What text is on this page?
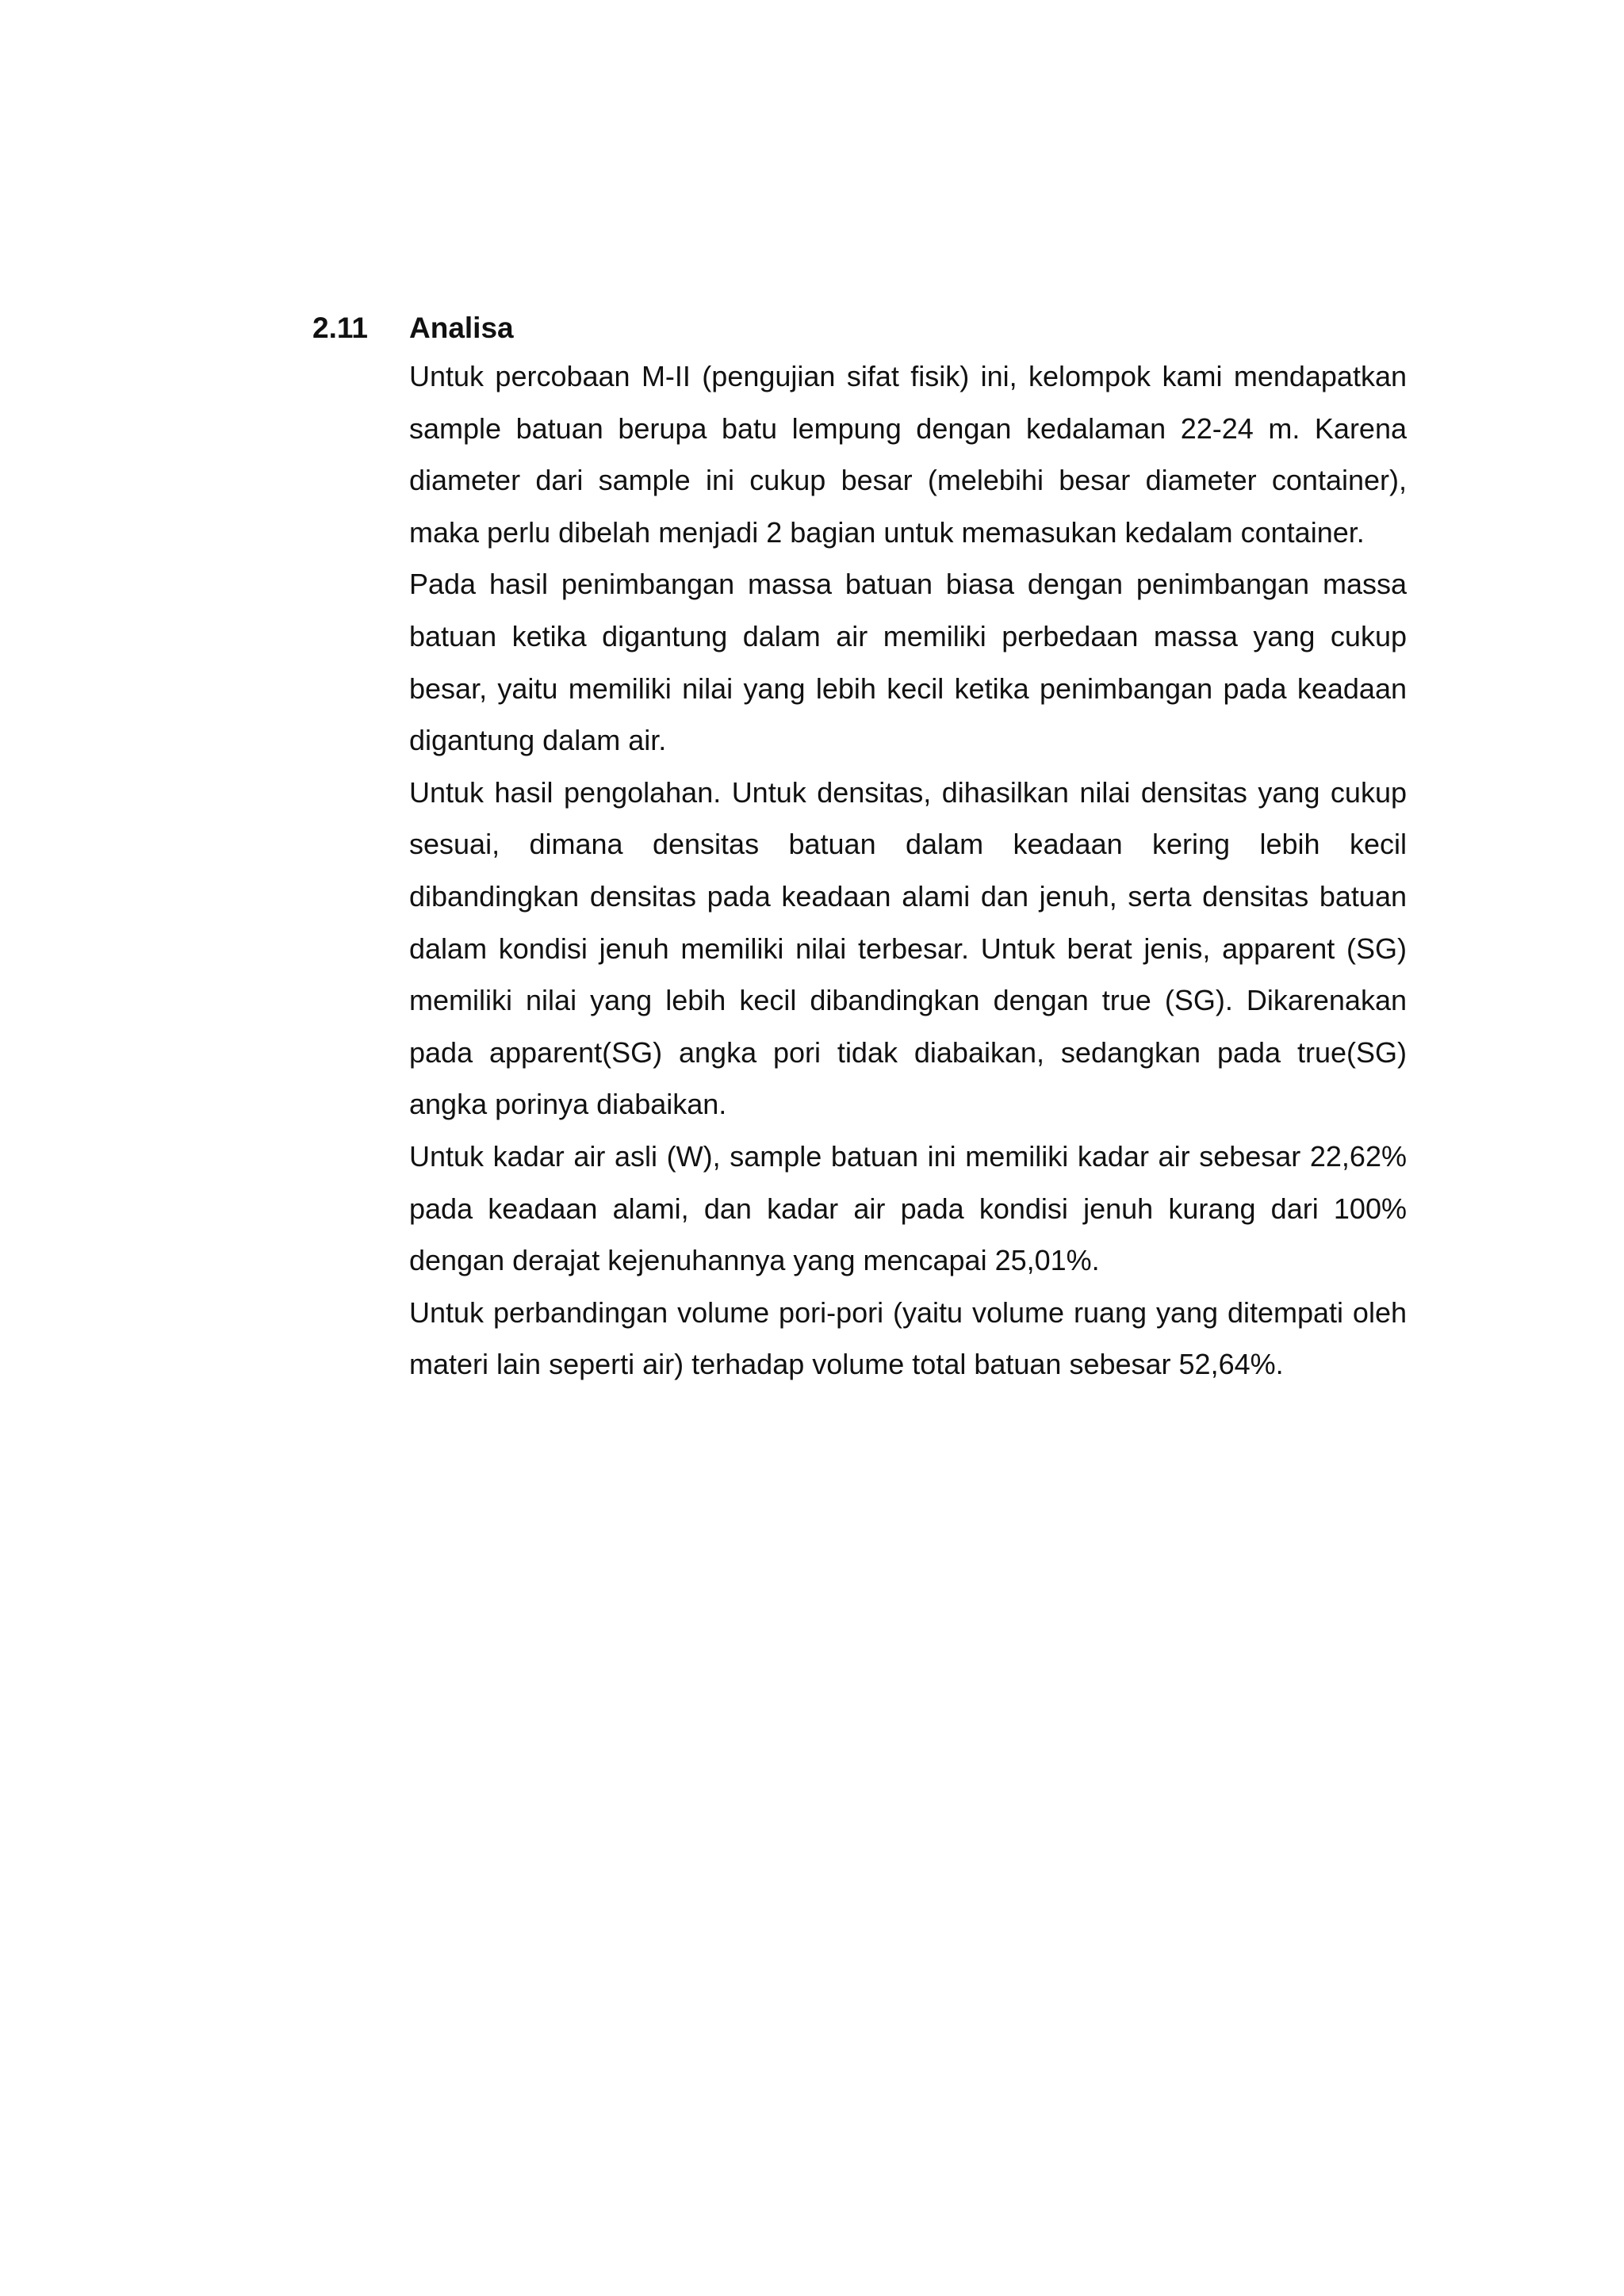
2.11	Analisa

Untuk percobaan M-II (pengujian sifat fisik) ini, kelompok kami mendapatkan sample batuan berupa batu lempung dengan kedalaman 22-24 m. Karena diameter dari sample ini cukup besar (melebihi besar diameter container), maka perlu dibelah menjadi 2 bagian untuk memasukan kedalam container.

Pada hasil penimbangan massa batuan biasa dengan penimbangan massa batuan ketika digantung dalam air memiliki perbedaan massa yang cukup besar, yaitu memiliki nilai yang lebih kecil ketika penimbangan pada keadaan digantung dalam air.

Untuk hasil pengolahan. Untuk densitas, dihasilkan nilai densitas yang cukup sesuai, dimana densitas batuan dalam keadaan kering lebih kecil dibandingkan densitas pada keadaan alami dan jenuh, serta densitas batuan dalam kondisi jenuh memiliki nilai terbesar. Untuk berat jenis, apparent (SG) memiliki nilai yang lebih kecil dibandingkan dengan true (SG). Dikarenakan pada apparent(SG) angka pori tidak diabaikan, sedangkan pada true(SG) angka porinya diabaikan.

Untuk kadar air asli (W), sample batuan ini memiliki kadar air sebesar 22,62% pada keadaan alami, dan kadar air pada kondisi jenuh kurang dari 100% dengan derajat kejenuhannya yang mencapai 25,01%.

Untuk perbandingan volume pori-pori (yaitu volume ruang yang ditempati oleh materi lain seperti air) terhadap volume total batuan sebesar 52,64%.
